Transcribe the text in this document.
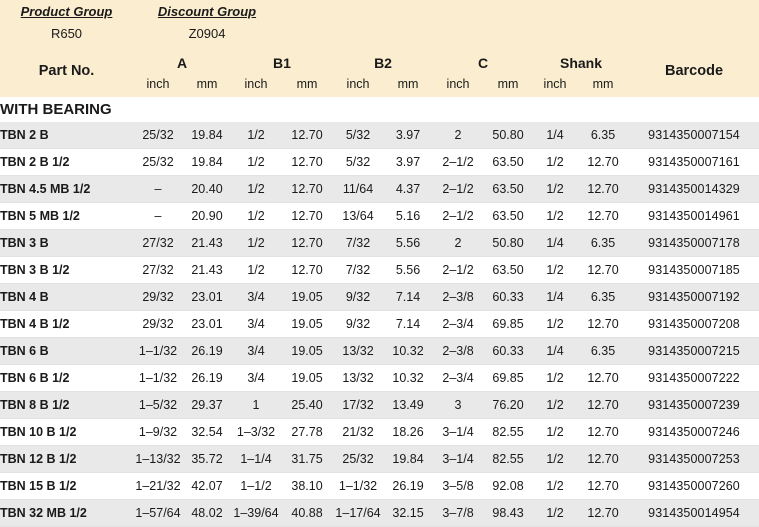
Product Group	Discount Group										
R650	Z0904										
Part No.	A		B1		B2		C		Shank		Barcode
	inch	mm	inch	mm	inch	mm	inch	mm	inch	mm	
WITH BEARING											
TBN 2 B	25/32	19.84	1/2	12.70	5/32	3.97	2	50.80	1/4	6.35	9314350007154
TBN 2 B 1/2	25/32	19.84	1/2	12.70	5/32	3.97	2–1/2	63.50	1/2	12.70	9314350007161
TBN 4.5 MB 1/2	–	20.40	1/2	12.70	11/64	4.37	2–1/2	63.50	1/2	12.70	9314350014329
TBN 5 MB 1/2	–	20.90	1/2	12.70	13/64	5.16	2–1/2	63.50	1/2	12.70	9314350014961
TBN 3 B	27/32	21.43	1/2	12.70	7/32	5.56	2	50.80	1/4	6.35	9314350007178
TBN 3 B 1/2	27/32	21.43	1/2	12.70	7/32	5.56	2–1/2	63.50	1/2	12.70	9314350007185
TBN 4 B	29/32	23.01	3/4	19.05	9/32	7.14	2–3/8	60.33	1/4	6.35	9314350007192
TBN 4 B 1/2	29/32	23.01	3/4	19.05	9/32	7.14	2–3/4	69.85	1/2	12.70	9314350007208
TBN 6 B	1–1/32	26.19	3/4	19.05	13/32	10.32	2–3/8	60.33	1/4	6.35	9314350007215
TBN 6 B 1/2	1–1/32	26.19	3/4	19.05	13/32	10.32	2–3/4	69.85	1/2	12.70	9314350007222
TBN 8 B 1/2	1–5/32	29.37	1	25.40	17/32	13.49	3	76.20	1/2	12.70	9314350007239
TBN 10 B 1/2	1–9/32	32.54	1–3/32	27.78	21/32	18.26	3–1/4	82.55	1/2	12.70	9314350007246
TBN 12 B 1/2	1–13/32	35.72	1–1/4	31.75	25/32	19.84	3–1/4	82.55	1/2	12.70	9314350007253
TBN 15 B 1/2	1–21/32	42.07	1–1/2	38.10	1–1/32	26.19	3–5/8	92.08	1/2	12.70	9314350007260
TBN 32 MB 1/2	1–57/64	48.02	1–39/64	40.88	1–17/64	32.15	3–7/8	98.43	1/2	12.70	9314350014954
